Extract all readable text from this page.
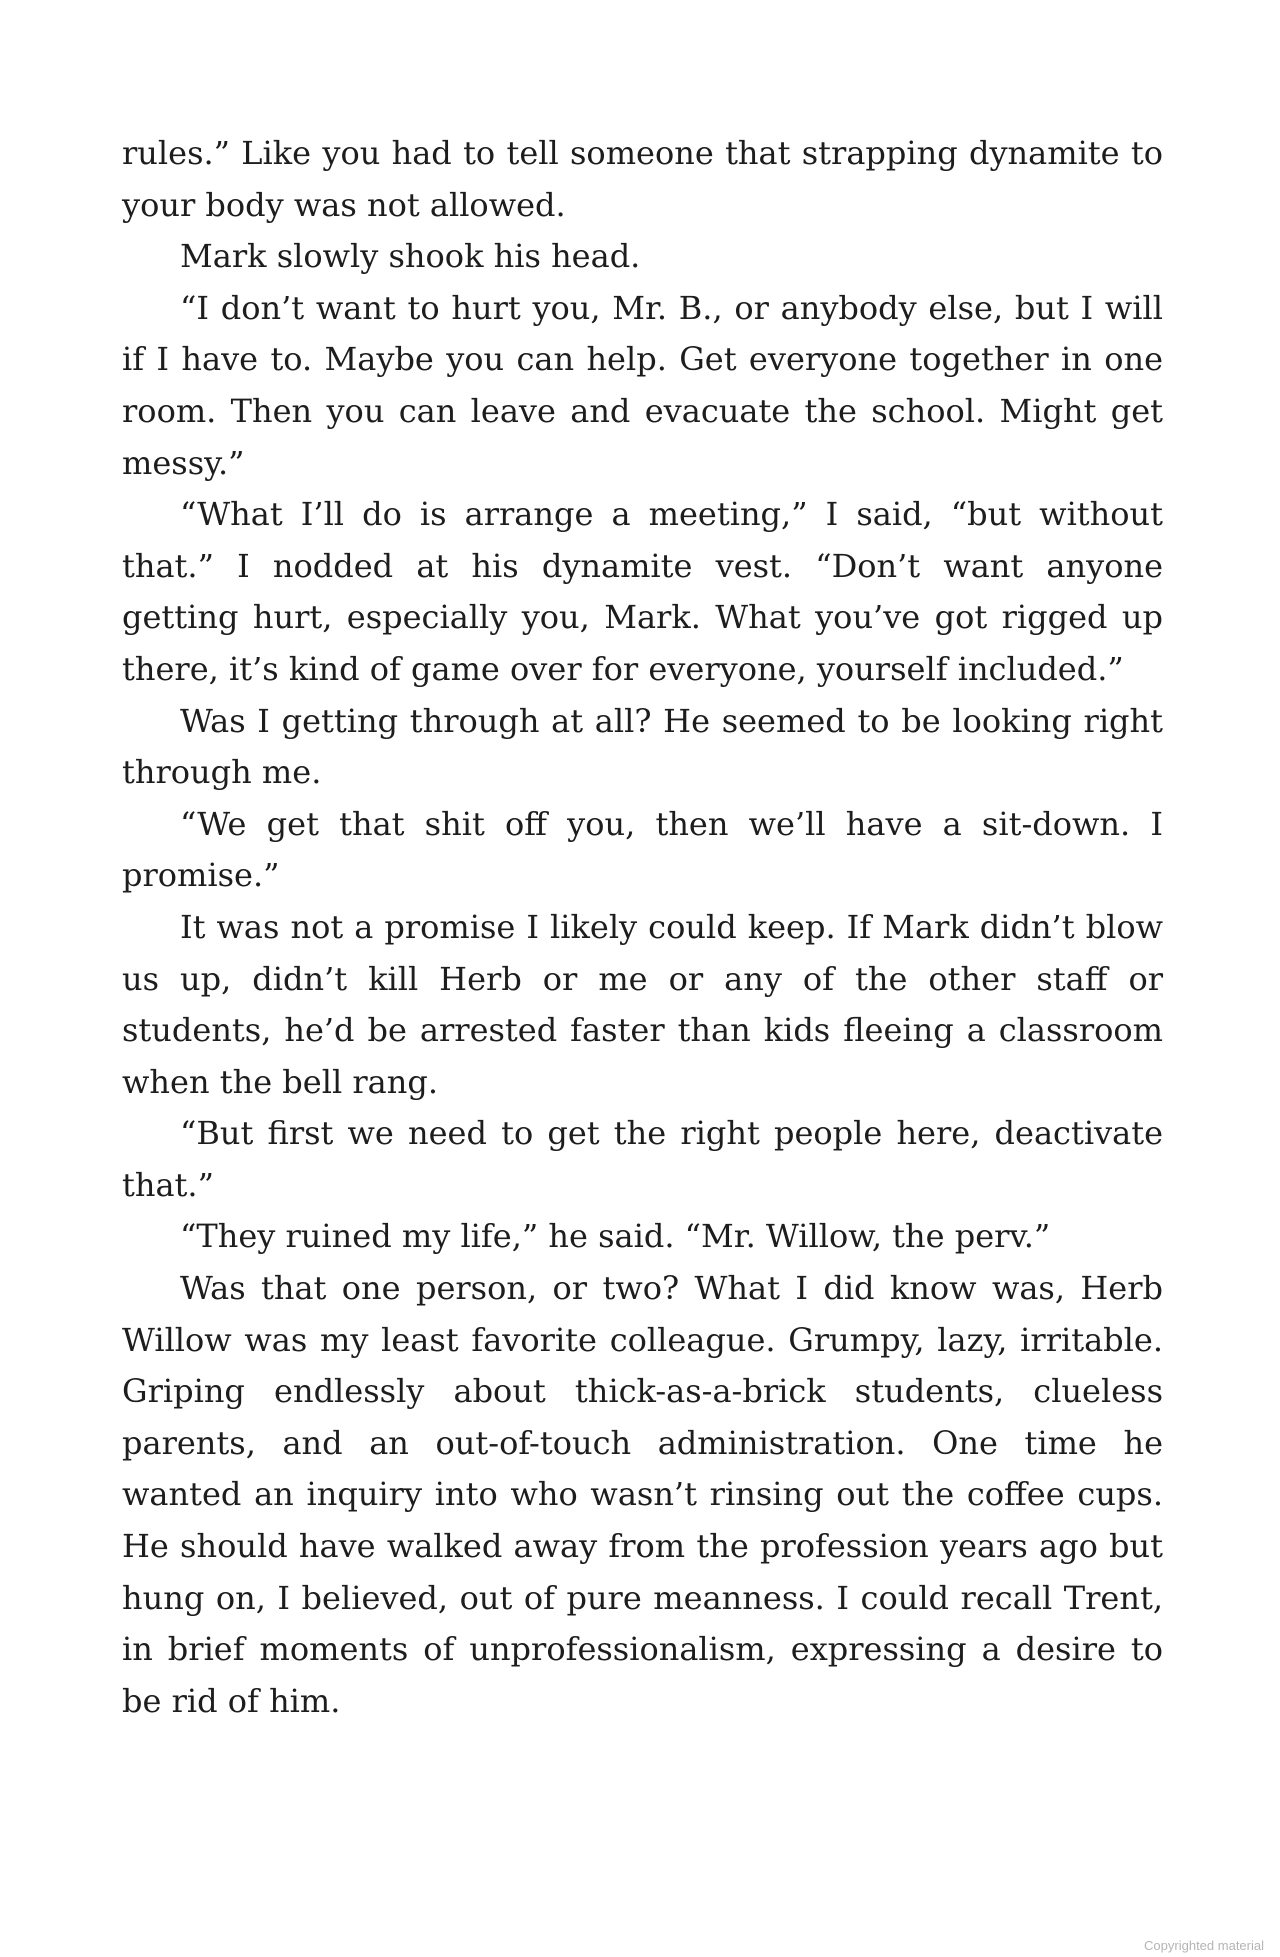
rules.” Like you had to tell someone that strapping dynamite to your body was not allowed.

Mark slowly shook his head.

“I don’t want to hurt you, Mr. B., or anybody else, but I will if I have to. Maybe you can help. Get everyone together in one room. Then you can leave and evacuate the school. Might get messy.”

“What I’ll do is arrange a meeting,” I said, “but without that.” I nodded at his dynamite vest. “Don’t want anyone getting hurt, especially you, Mark. What you’ve got rigged up there, it’s kind of game over for everyone, yourself included.”

Was I getting through at all? He seemed to be looking right through me.

“We get that shit off you, then we’ll have a sit-down. I promise.”

It was not a promise I likely could keep. If Mark didn’t blow us up, didn’t kill Herb or me or any of the other staff or students, he’d be arrested faster than kids fleeing a classroom when the bell rang.

“But first we need to get the right people here, deactivate that.”

“They ruined my life,” he said. “Mr. Willow, the perv.”

Was that one person, or two? What I did know was, Herb Willow was my least favorite colleague. Grumpy, lazy, irritable. Griping endlessly about thick-as-a-brick students, clueless parents, and an out-of-touch administration. One time he wanted an inquiry into who wasn’t rinsing out the coffee cups. He should have walked away from the profession years ago but hung on, I believed, out of pure meanness. I could recall Trent, in brief moments of unprofessionalism, expressing a desire to be rid of him.

Copyrighted material
